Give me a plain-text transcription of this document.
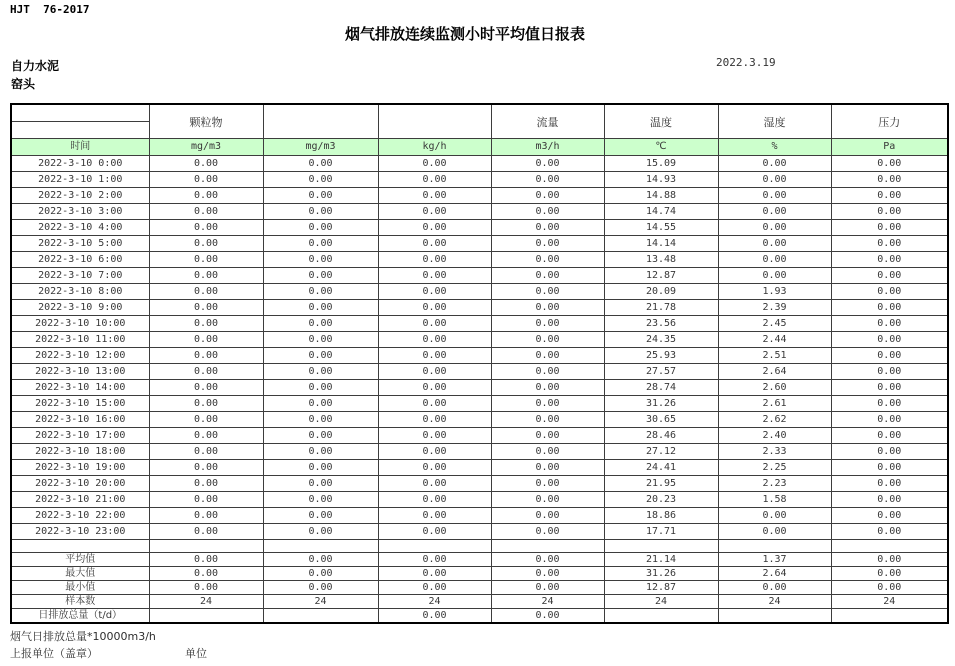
HJT  76-2017
烟气排放连续监测小时平均值日报表
自力水泥
窑头
2022.3.19
	颗粒物			流量	温度	湿度	压力

时间	mg/m3	mg/m3	kg/h	m3/h	℃	%	Pa
2022-3-10 0:00	0.00	0.00	0.00	0.00	15.09	0.00	0.00
2022-3-10 1:00	0.00	0.00	0.00	0.00	14.93	0.00	0.00
2022-3-10 2:00	0.00	0.00	0.00	0.00	14.88	0.00	0.00
2022-3-10 3:00	0.00	0.00	0.00	0.00	14.74	0.00	0.00
2022-3-10 4:00	0.00	0.00	0.00	0.00	14.55	0.00	0.00
2022-3-10 5:00	0.00	0.00	0.00	0.00	14.14	0.00	0.00
2022-3-10 6:00	0.00	0.00	0.00	0.00	13.48	0.00	0.00
2022-3-10 7:00	0.00	0.00	0.00	0.00	12.87	0.00	0.00
2022-3-10 8:00	0.00	0.00	0.00	0.00	20.09	1.93	0.00
2022-3-10 9:00	0.00	0.00	0.00	0.00	21.78	2.39	0.00
2022-3-10 10:00	0.00	0.00	0.00	0.00	23.56	2.45	0.00
2022-3-10 11:00	0.00	0.00	0.00	0.00	24.35	2.44	0.00
2022-3-10 12:00	0.00	0.00	0.00	0.00	25.93	2.51	0.00
2022-3-10 13:00	0.00	0.00	0.00	0.00	27.57	2.64	0.00
2022-3-10 14:00	0.00	0.00	0.00	0.00	28.74	2.60	0.00
2022-3-10 15:00	0.00	0.00	0.00	0.00	31.26	2.61	0.00
2022-3-10 16:00	0.00	0.00	0.00	0.00	30.65	2.62	0.00
2022-3-10 17:00	0.00	0.00	0.00	0.00	28.46	2.40	0.00
2022-3-10 18:00	0.00	0.00	0.00	0.00	27.12	2.33	0.00
2022-3-10 19:00	0.00	0.00	0.00	0.00	24.41	2.25	0.00
2022-3-10 20:00	0.00	0.00	0.00	0.00	21.95	2.23	0.00
2022-3-10 21:00	0.00	0.00	0.00	0.00	20.23	1.58	0.00
2022-3-10 22:00	0.00	0.00	0.00	0.00	18.86	0.00	0.00
2022-3-10 23:00	0.00	0.00	0.00	0.00	17.71	0.00	0.00

平均值	0.00	0.00	0.00	0.00	21.14	1.37	0.00
最大值	0.00	0.00	0.00	0.00	31.26	2.64	0.00
最小值	0.00	0.00	0.00	0.00	12.87	0.00	0.00
样本数	24	24	24	24	24	24	24
日排放总量（t/d）			0.00	0.00			
烟气日排放总量*10000m3/h
上报单位（盖章）	单位
